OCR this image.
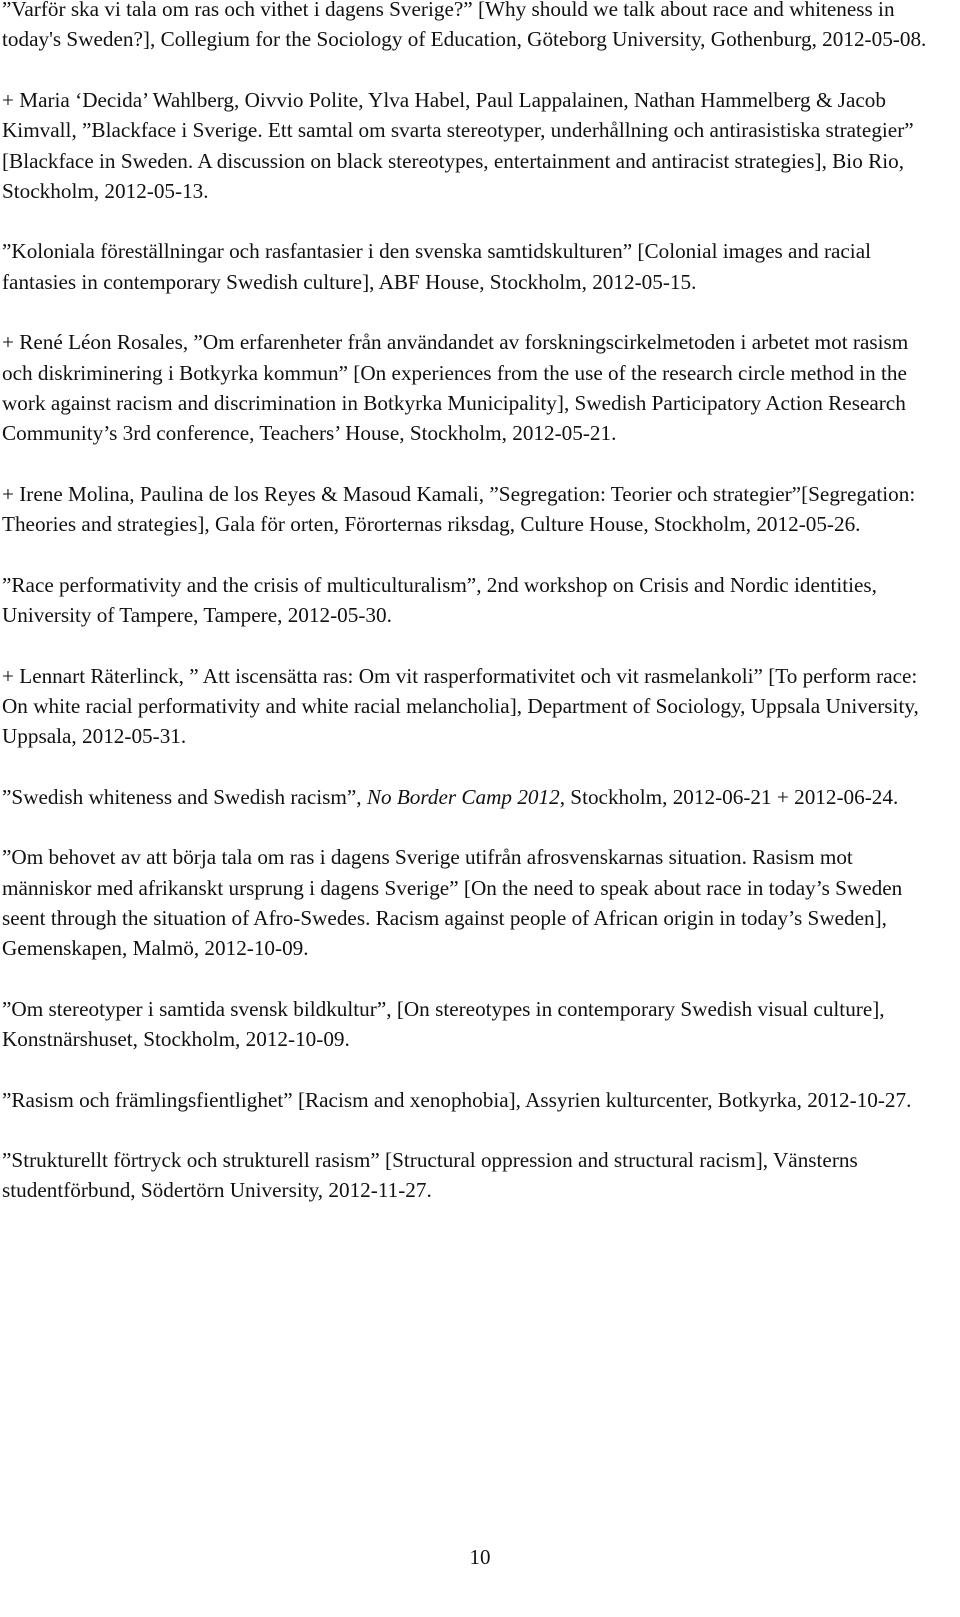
”Varför ska vi tala om ras och vithet i dagens Sverige?” [Why should we talk about race and whiteness in today's Sweden?], Collegium for the Sociology of Education, Göteborg University, Gothenburg, 2012-05-08.

+ Maria ‘Decida’ Wahlberg, Oivvio Polite, Ylva Habel, Paul Lappalainen, Nathan Hammelberg & Jacob Kimvall, ”Blackface i Sverige. Ett samtal om svarta stereotyper, underhållning och antirasistiska strategier” [Blackface in Sweden. A discussion on black stereotypes, entertainment and antiracist strategies], Bio Rio, Stockholm, 2012-05-13.

”Koloniala föreställningar och rasfantasier i den svenska samtidskulturen” [Colonial images and racial fantasies in contemporary Swedish culture], ABF House, Stockholm, 2012-05-15.

+ René Léon Rosales, ”Om erfarenheter från användandet av forskningscirkelmetoden i arbetet mot rasism och diskriminering i Botkyrka kommun” [On experiences from the use of the research circle method in the work against racism and discrimination in Botkyrka Municipality], Swedish Participatory Action Research Community’s 3rd conference, Teachers’ House, Stockholm, 2012-05-21.

+ Irene Molina, Paulina de los Reyes & Masoud Kamali, ”Segregation: Teorier och strategier”[Segregation: Theories and strategies], Gala för orten, Förorternas riksdag, Culture House, Stockholm, 2012-05-26.

”Race performativity and the crisis of multiculturalism”, 2nd workshop on Crisis and Nordic identities, University of Tampere, Tampere, 2012-05-30.

+ Lennart Räterlinck, ” Att iscensätta ras: Om vit rasperformativitet och vit rasmelankoli” [To perform race: On white racial performativity and white racial melancholia], Department of Sociology, Uppsala University, Uppsala, 2012-05-31.

”Swedish whiteness and Swedish racism”, No Border Camp 2012, Stockholm, 2012-06-21 + 2012-06-24.

”Om behovet av att börja tala om ras i dagens Sverige utifrån afrosvenskarnas situation. Rasism mot människor med afrikanskt ursprung i dagens Sverige” [On the need to speak about race in today’s Sweden seent through the situation of Afro-Swedes. Racism against people of African origin in today’s Sweden], Gemenskapen, Malmö, 2012-10-09.

”Om stereotyper i samtida svensk bildkultur”, [On stereotypes in contemporary Swedish visual culture], Konstnärshuset, Stockholm, 2012-10-09.

”Rasism och främlingsfientlighet” [Racism and xenophobia], Assyrien kulturcenter, Botkyrka, 2012-10-27.

”Strukturellt förtryck och strukturell rasism” [Structural oppression and structural racism], Vänsterns studentförbund, Södertörn University, 2012-11-27.

10
